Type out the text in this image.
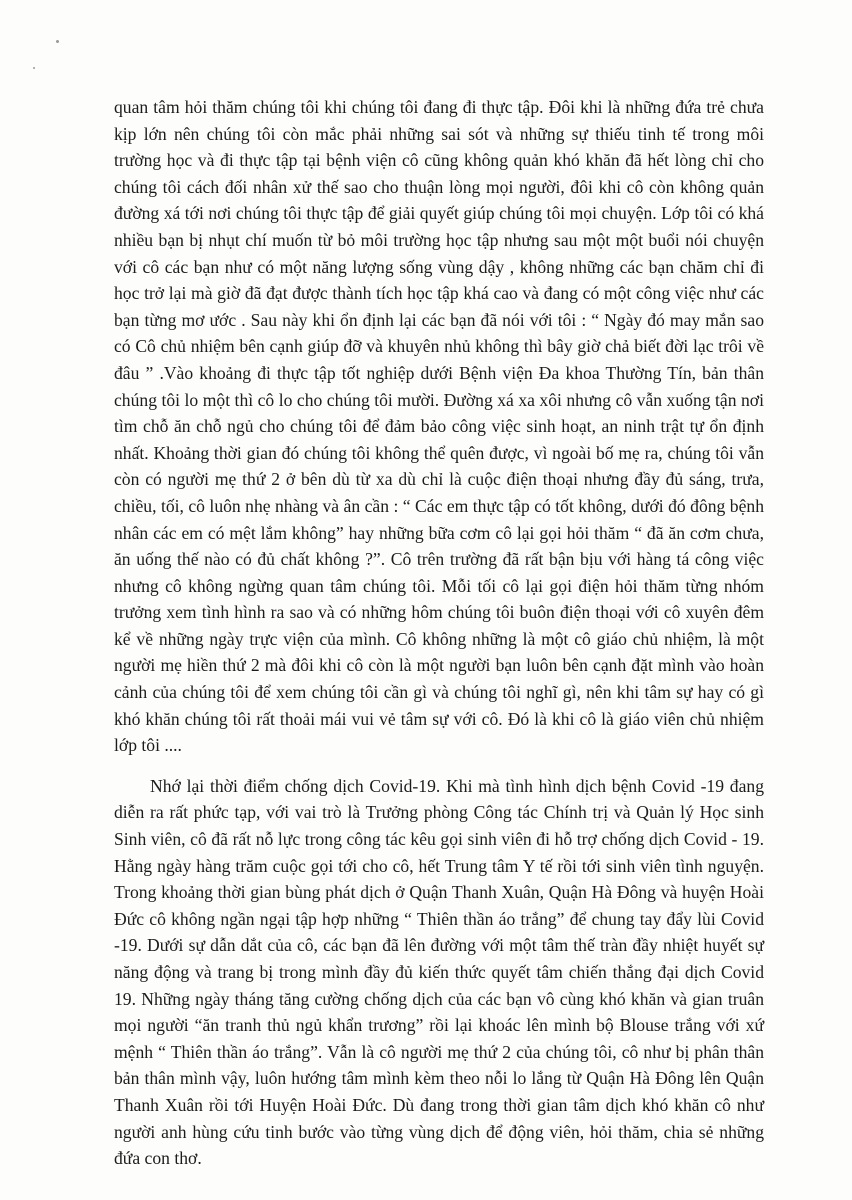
quan tâm hỏi thăm chúng tôi khi chúng tôi đang đi thực tập. Đôi khi là những đứa trẻ chưa kịp lớn nên chúng tôi còn mắc phải những sai sót và những sự thiếu tinh tế trong môi trường học và đi thực tập tại bệnh viện cô cũng không quản khó khăn đã hết lòng chỉ cho chúng tôi cách đối nhân xử thế sao cho thuận lòng mọi người, đôi khi cô còn không quản đường xá tới nơi chúng tôi thực tập để giải quyết giúp chúng tôi mọi chuyện. Lớp tôi có khá nhiều bạn bị nhụt chí muốn từ bỏ môi trường học tập nhưng sau một một buổi nói chuyện với cô các bạn như có một năng lượng sống vùng dậy , không những các bạn chăm chỉ đi học trở lại mà giờ đã đạt được thành tích học tập khá cao và đang có một công việc như các bạn từng mơ ước . Sau này khi ổn định lại các bạn đã nói với tôi : “ Ngày đó may mắn sao có Cô chủ nhiệm bên cạnh giúp đỡ và khuyên nhủ không thì bây giờ chả biết đời lạc trôi về đâu ” .Vào khoảng đi thực tập tốt nghiệp dưới Bệnh viện Đa khoa Thường Tín, bản thân chúng tôi lo một thì cô lo cho chúng tôi mười. Đường xá xa xôi nhưng cô vẫn xuống tận nơi tìm chỗ ăn chỗ ngủ cho chúng tôi để đảm bảo công việc sinh hoạt, an ninh trật tự ổn định nhất. Khoảng thời gian đó chúng tôi không thể quên được, vì ngoài bố mẹ ra, chúng tôi vẫn còn có người mẹ thứ 2 ở bên dù từ xa dù chỉ là cuộc điện thoại nhưng đầy đủ sáng, trưa, chiều, tối, cô luôn nhẹ nhàng và ân cần : “ Các em thực tập có tốt không, dưới đó đông bệnh nhân các em có mệt lắm không” hay những bữa cơm cô lại gọi hỏi thăm “ đã ăn cơm chưa, ăn uống thế nào có đủ chất không ?”. Cô trên trường đã rất bận bịu với hàng tá công việc nhưng cô không ngừng quan tâm chúng tôi. Mỗi tối cô lại gọi điện hỏi thăm từng nhóm trưởng xem tình hình ra sao và có những hôm chúng tôi buôn điện thoại với cô xuyên đêm kể về những ngày trực viện của mình. Cô không những là một cô giáo chủ nhiệm, là một người mẹ hiền thứ 2 mà đôi khi cô còn là một người bạn luôn bên cạnh đặt mình vào hoàn cảnh của chúng tôi để xem chúng tôi cần gì và chúng tôi nghĩ gì, nên khi tâm sự hay có gì khó khăn chúng tôi rất thoải mái vui vẻ tâm sự với cô. Đó là khi cô là giáo viên chủ nhiệm lớp tôi ....

Nhớ lại thời điểm chống dịch Covid-19. Khi mà tình hình dịch bệnh Covid -19 đang diễn ra rất phức tạp, với vai trò là Trưởng phòng Công tác Chính trị và Quản lý Học sinh Sinh viên, cô đã rất nỗ lực trong công tác kêu gọi sinh viên đi hỗ trợ chống dịch Covid - 19. Hằng ngày hàng trăm cuộc gọi tới cho cô, hết Trung tâm Y tế rồi tới sinh viên tình nguyện. Trong khoảng thời gian bùng phát dịch ở Quận Thanh Xuân, Quận Hà Đông và huyện Hoài Đức cô không ngần ngại tập hợp những “ Thiên thần áo trắng” để chung tay đẩy lùi Covid -19. Dưới sự dẫn dắt của cô, các bạn đã lên đường với một tâm thế tràn đầy nhiệt huyết sự năng động và trang bị trong mình đầy đủ kiến thức quyết tâm chiến thắng đại dịch Covid 19. Những ngày tháng tăng cường chống dịch của các bạn vô cùng khó khăn và gian truân mọi người “ăn tranh thủ ngủ khẩn trương” rồi lại khoác lên mình bộ Blouse trắng với xứ mệnh “ Thiên thần áo trắng”. Vẫn là cô người mẹ thứ 2 của chúng tôi, cô như bị phân thân bản thân mình vậy, luôn hướng tâm mình kèm theo nỗi lo lắng từ Quận Hà Đông lên Quận Thanh Xuân rồi tới Huyện Hoài Đức. Dù đang trong thời gian tâm dịch khó khăn cô như người anh hùng cứu tinh bước vào từng vùng dịch để động viên, hỏi thăm, chia sẻ những đứa con thơ.
